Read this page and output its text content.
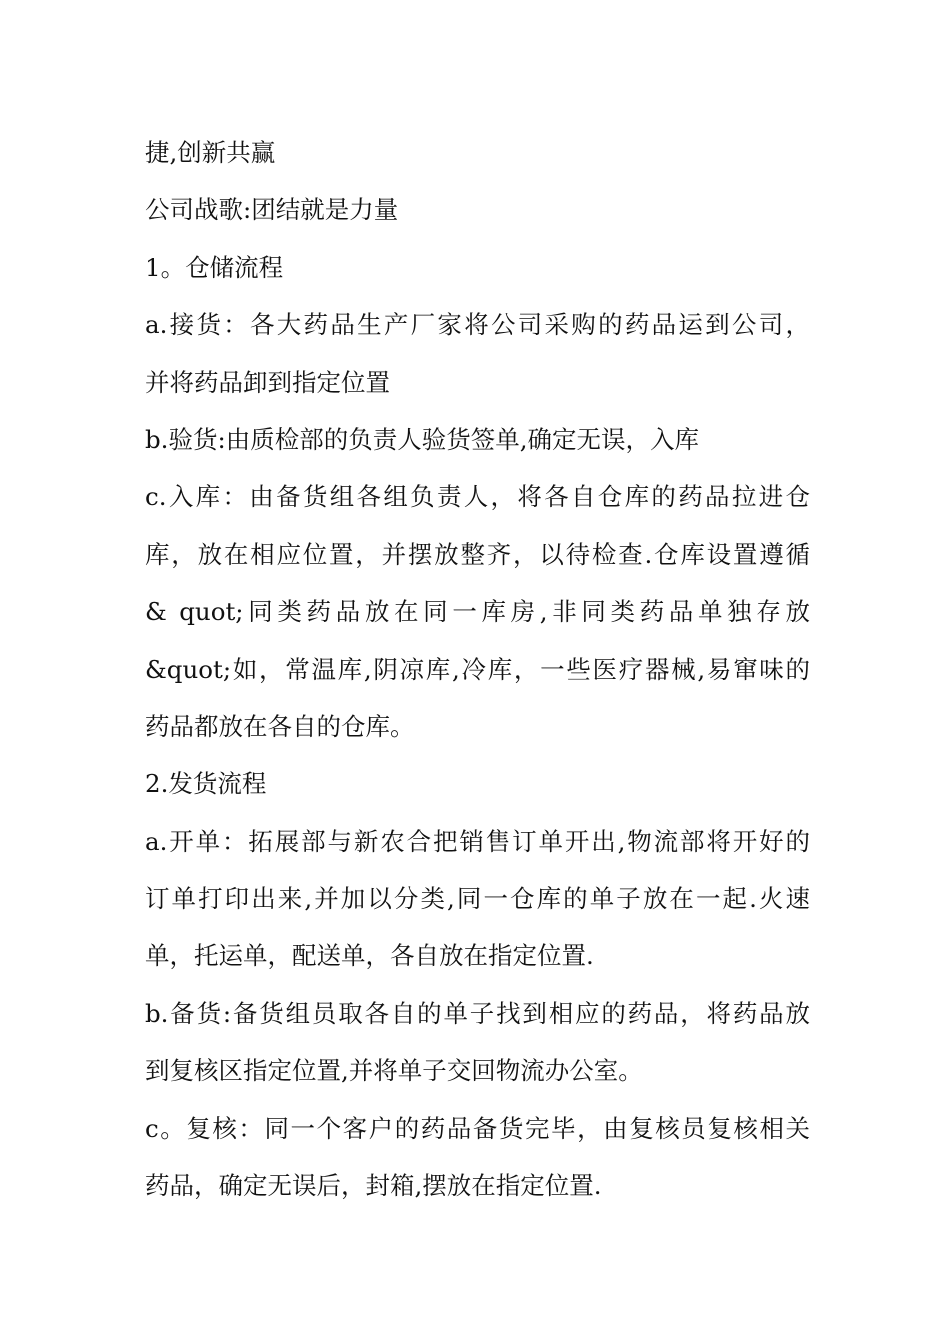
捷,创新共赢
公司战歌:团结就是力量
1。仓储流程
a.接货：各大药品生产厂家将公司采购的药品运到公司，
并将药品卸到指定位置
b.验货:由质检部的负责人验货签单,确定无误，入库
c.入库：由备货组各组负责人，将各自仓库的药品拉进仓
库，放在相应位置，并摆放整齐，以待检查.仓库设置遵循
& quot;同类药品放在同一库房,非同类药品单独存放
&quot;如，常温库,阴凉库,冷库，一些医疗器械,易窜味的
药品都放在各自的仓库。
2.发货流程
a.开单：拓展部与新农合把销售订单开出,物流部将开好的
订单打印出来,并加以分类,同一仓库的单子放在一起.火速
单，托运单，配送单，各自放在指定位置.
b.备货:备货组员取各自的单子找到相应的药品，将药品放
到复核区指定位置,并将单子交回物流办公室。
c。复核：同一个客户的药品备货完毕，由复核员复核相关
药品，确定无误后，封箱,摆放在指定位置.
